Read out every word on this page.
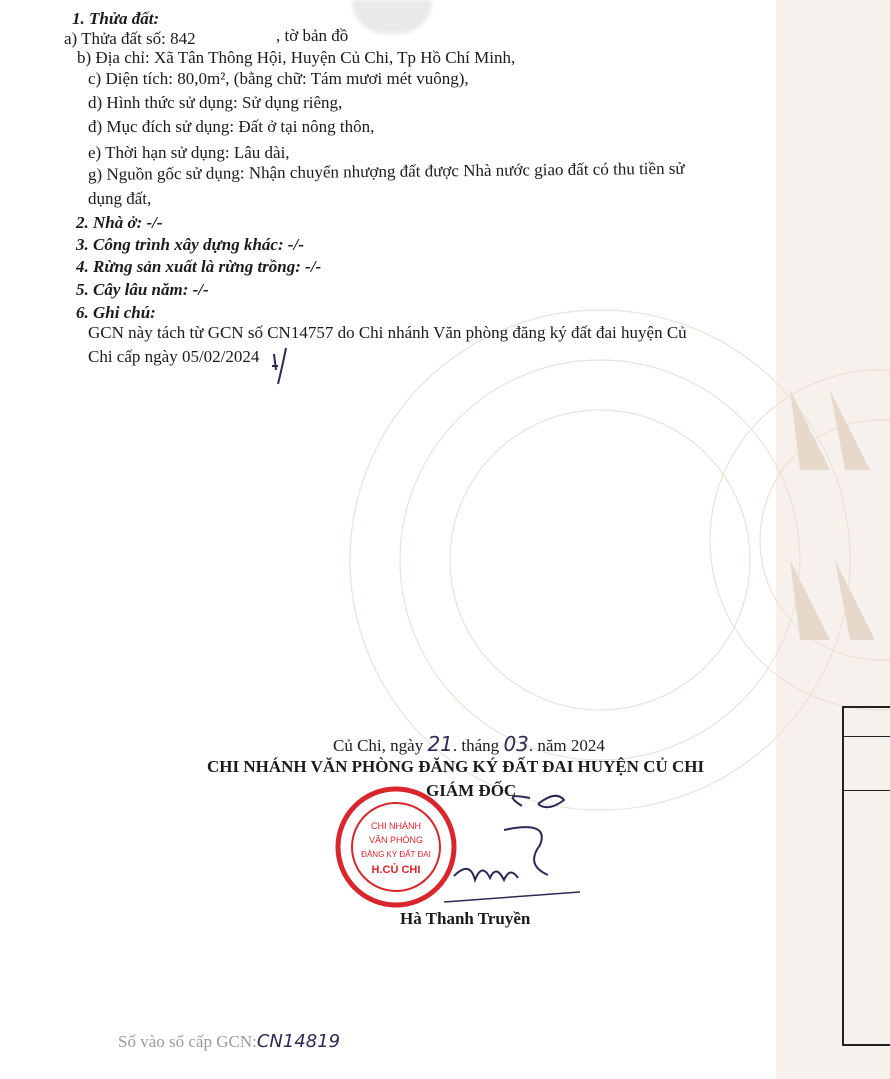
1. Thửa đất:
a) Thửa đất số: 842	, tờ bản đồ
b) Địa chỉ: Xã Tân Thông Hội, Huyện Củ Chi, Tp Hồ Chí Minh,
c) Diện tích: 80,0m², (bằng chữ: Tám mươi mét vuông),
d) Hình thức sử dụng: Sử dụng riêng,
đ) Mục đích sử dụng: Đất ở tại nông thôn,
e) Thời hạn sử dụng: Lâu dài,
g) Nguồn gốc sử dụng: Nhận chuyển nhượng đất được Nhà nước giao đất có thu tiền sử
dụng đất,
2. Nhà ở: -/-
3. Công trình xây dựng khác: -/-
4. Rừng sản xuất là rừng trồng: -/-
5. Cây lâu năm: -/-
6. Ghi chú:
GCN này tách từ GCN số CN14757 do Chi nhánh Văn phòng đăng ký đất đai huyện Củ
Chi cấp ngày 05/02/2024
Củ Chi, ngày 21. tháng 03. năm 2024
CHI NHÁNH VĂN PHÒNG ĐĂNG KÝ ĐẤT ĐAI HUYỆN CỦ CHI
GIÁM ĐỐC
CHI NHÁNH
VĂN PHÒNG
ĐĂNG KÝ ĐẤT ĐAI
H.CỦ CHI
Hà Thanh Truyền
Số vào sổ cấp GCN:CN14819
